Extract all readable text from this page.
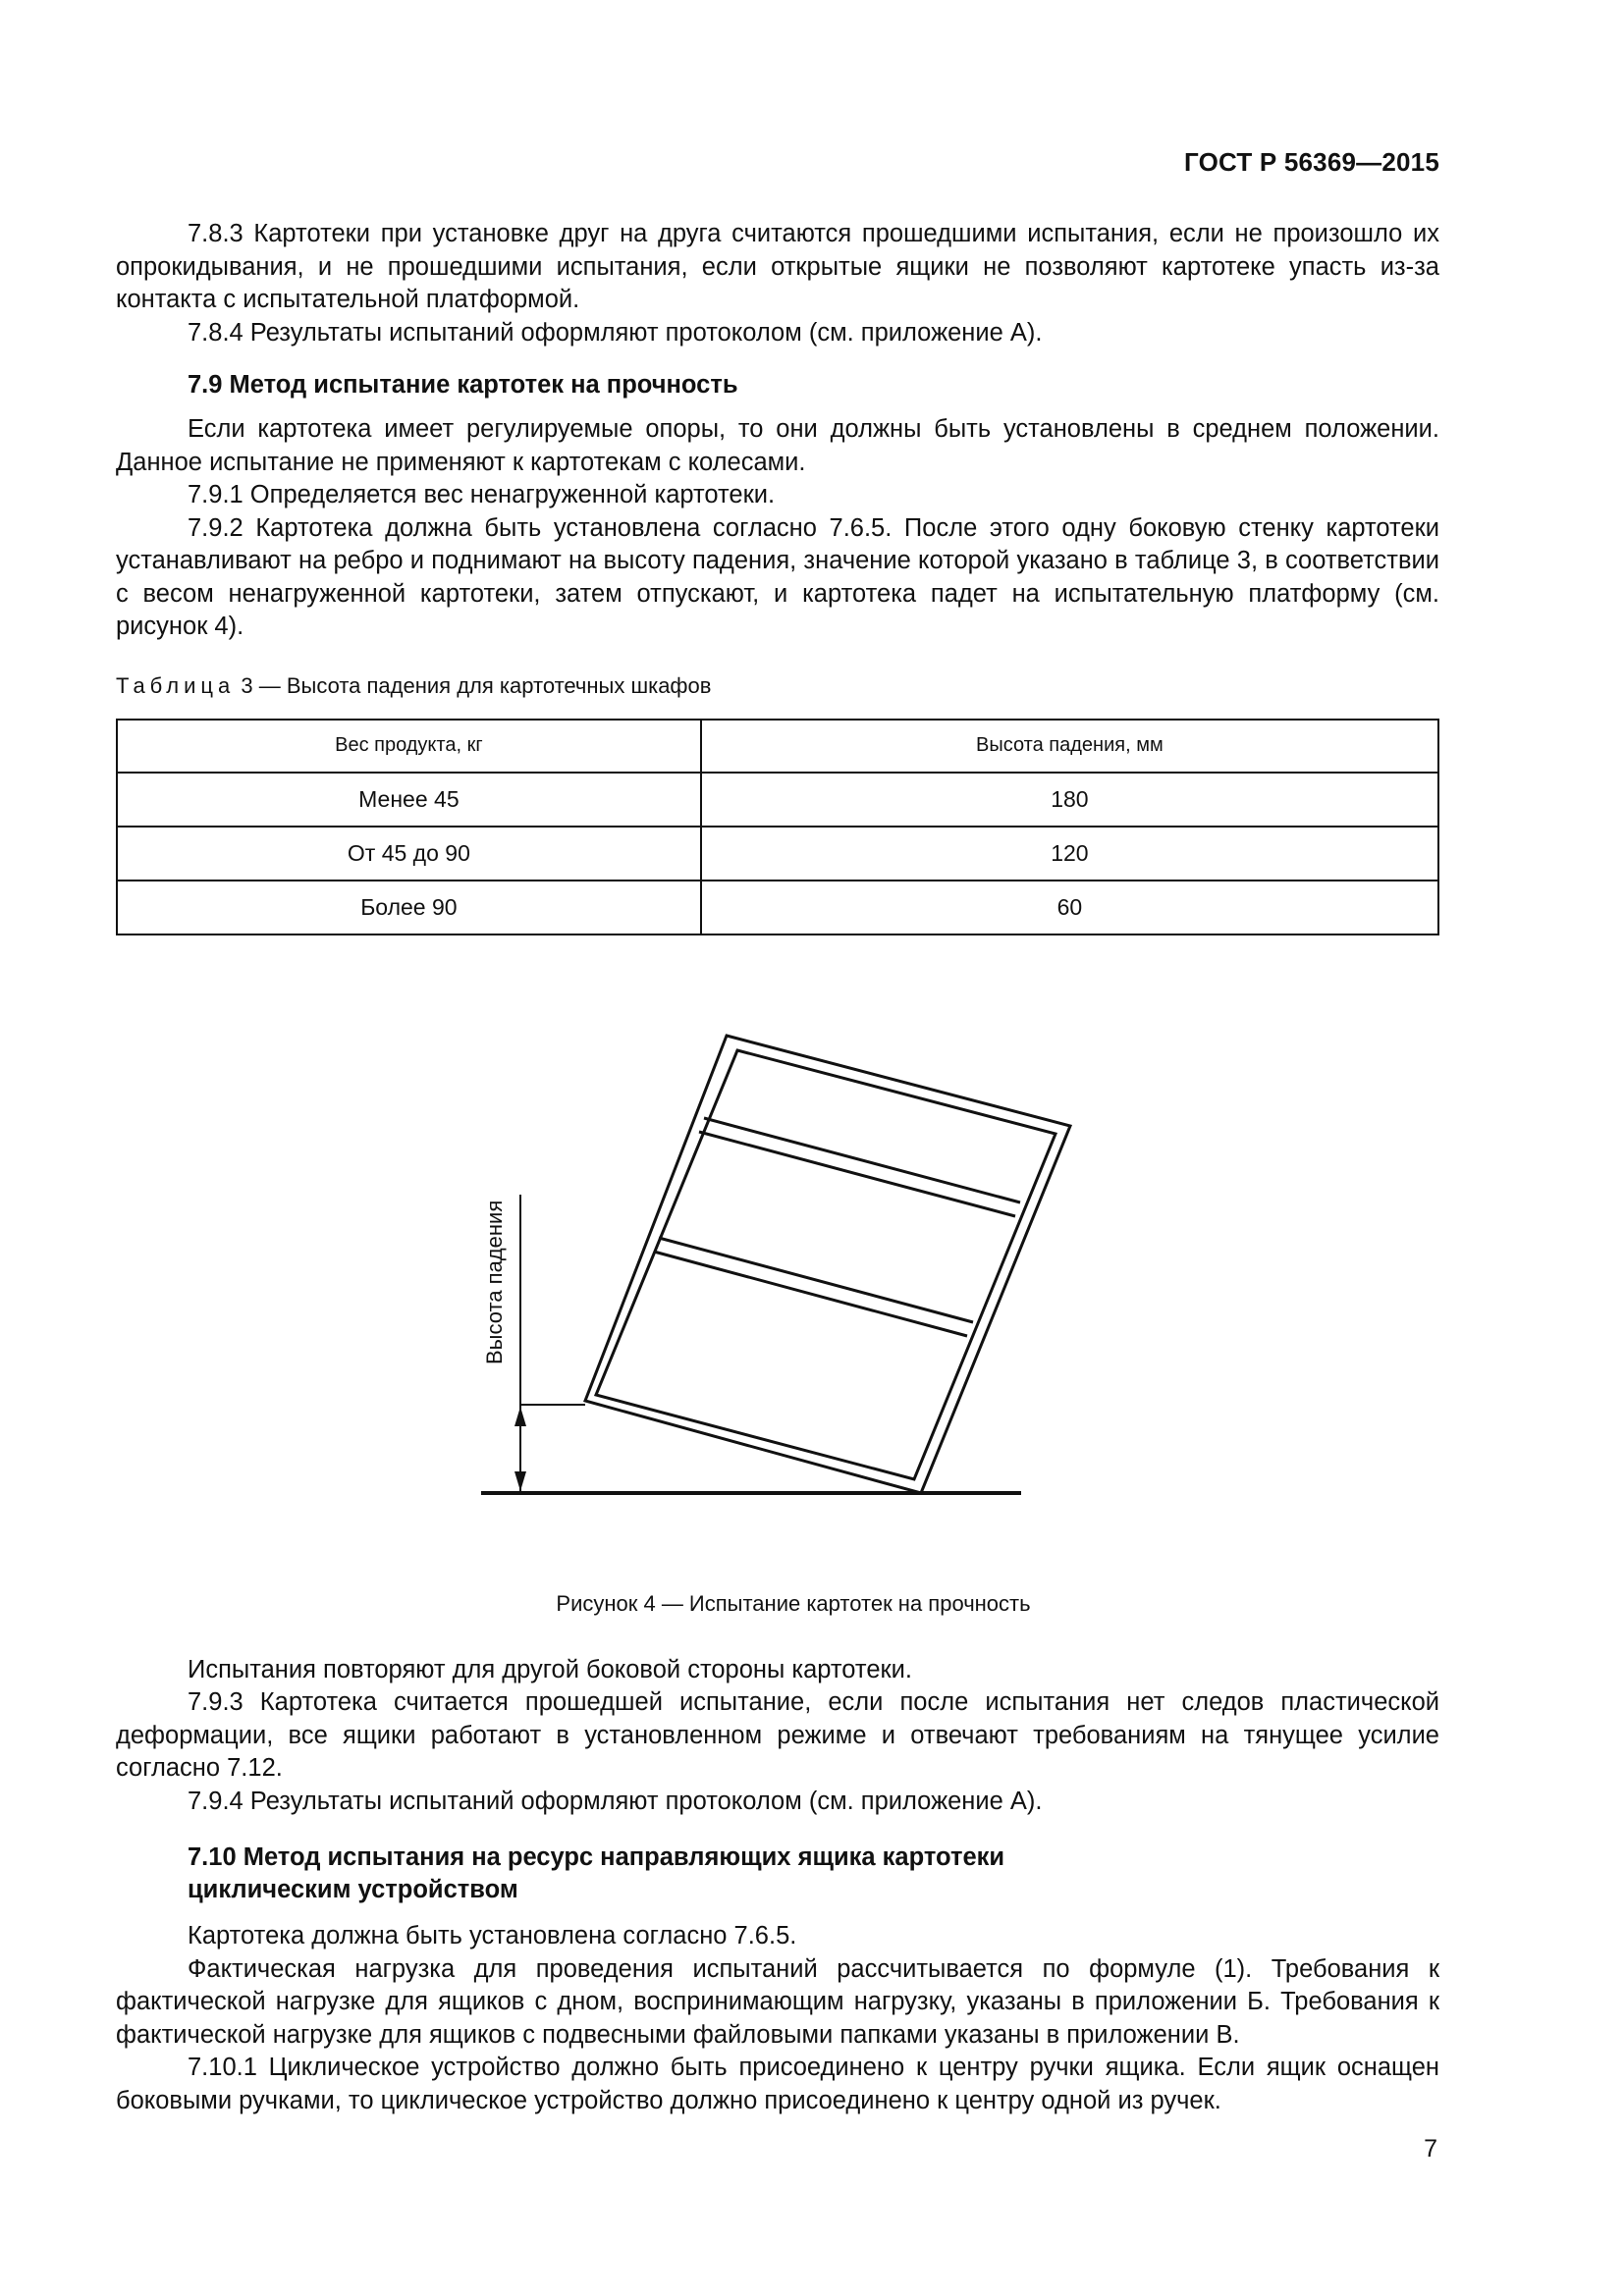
ГОСТ Р 56369—2015

7.8.3 Картотеки при установке друг на друга считаются прошедшими испытания, если не произошло их опрокидывания, и не прошедшими испытания, если открытые ящики не позволяют картотеке упасть из-за контакта с испытательной платформой.

7.8.4 Результаты испытаний оформляют протоколом (см. приложение А).

7.9 Метод испытание картотек на прочность

Если картотека имеет регулируемые опоры, то они должны быть установлены в среднем положении. Данное испытание не применяют к картотекам с колесами.

7.9.1 Определяется вес ненагруженной картотеки.

7.9.2 Картотека должна быть установлена согласно 7.6.5. После этого одну боковую стенку картотеки устанавливают на ребро и поднимают на высоту падения, значение которой указано в таблице 3, в соответствии с весом ненагруженной картотеки, затем отпускают, и картотека падет на испытательную платформу (см. рисунок 4).

Таблица 3 — Высота падения для картотечных шкафов
Вес продукта, кг	Высота падения, мм
Менее 45	180
От 45 до 90	120
Более 90	60
Высота падения
Рисунок 4 — Испытание картотек на прочность

Испытания повторяют для другой боковой стороны картотеки.

7.9.3 Картотека считается прошедшей испытание, если после испытания нет следов пластической деформации, все ящики работают в установленном режиме и отвечают требованиям на тянущее усилие согласно 7.12.

7.9.4 Результаты испытаний оформляют протоколом (см. приложение А).

7.10 Метод испытания на ресурс направляющих ящика картотеки
циклическим устройством

Картотека должна быть установлена согласно 7.6.5.

Фактическая нагрузка для проведения испытаний рассчитывается по формуле (1). Требования к фактической нагрузке для ящиков с дном, воспринимающим нагрузку, указаны в приложении Б. Требования к фактической нагрузке для ящиков с подвесными файловыми папками указаны в приложении В.

7.10.1 Циклическое устройство должно быть присоединено к центру ручки ящика. Если ящик оснащен боковыми ручками, то циклическое устройство должно присоединено к центру одной из ручек.

7
